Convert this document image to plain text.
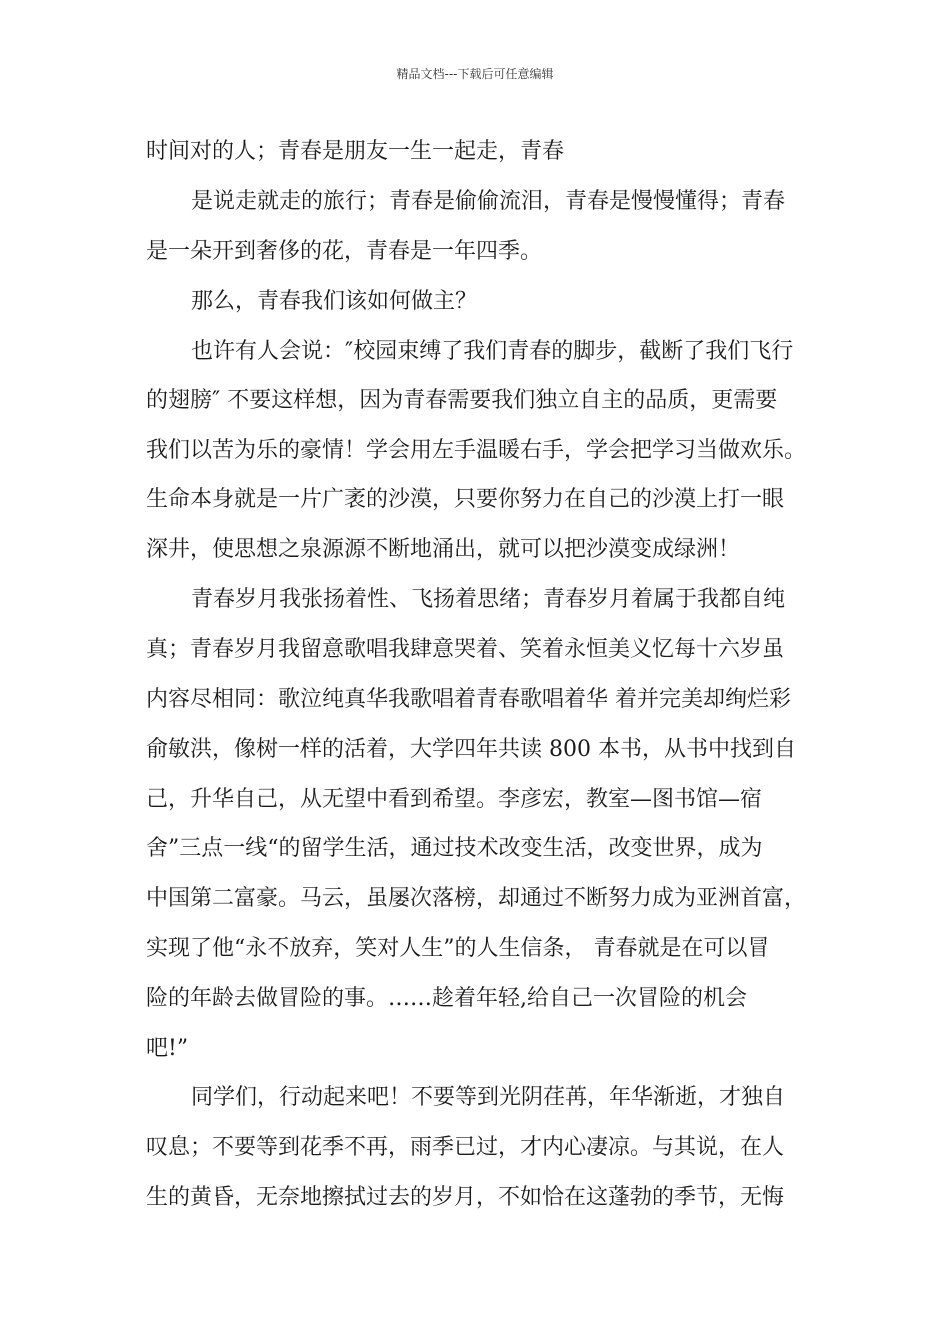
精品文档---下载后可任意编辑
时间对的人；青春是朋友一生一起走，青春
是说走就走的旅行；青春是偷偷流泪，青春是慢慢懂得；青春
是一朵开到奢侈的花，青春是一年四季。
那么，青春我们该如何做主？
也许有人会说：″校园束缚了我们青春的脚步，截断了我们飞行
的翅膀″ 不要这样想，因为青春需要我们独立自主的品质，更需要
我们以苦为乐的豪情！学会用左手温暖右手，学会把学习当做欢乐。
生命本身就是一片广袤的沙漠，只要你努力在自己的沙漠上打一眼
深井，使思想之泉源源不断地涌出，就可以把沙漠变成绿洲！
青春岁月我张扬着性、飞扬着思绪；青春岁月着属于我都自纯
真；青春岁月我留意歌唱我肆意哭着、笑着永恒美义忆每十六岁虽
内容尽相同：歌泣纯真华我歌唱着青春歌唱着华 着并完美却绚烂彩
俞敏洪，像树一样的活着，大学四年共读 800 本书，从书中找到自
己，升华自己，从无望中看到希望。李彦宏，教室—图书馆—宿
舍”三点一线“的留学生活，通过技术改变生活，改变世界，成为
中国第二富豪。马云，虽屡次落榜，却通过不断努力成为亚洲首富，
实现了他“永不放弃，笑对人生”的人生信条， 青春就是在可以冒
险的年龄去做冒险的事。……趁着年轻,给自己一次冒险的机会
吧!”
同学们，行动起来吧！不要等到光阴荏苒，年华渐逝，才独自
叹息；不要等到花季不再，雨季已过，才内心凄凉。与其说，在人
生的黄昏，无奈地擦拭过去的岁月，不如恰在这蓬勃的季节，无悔
